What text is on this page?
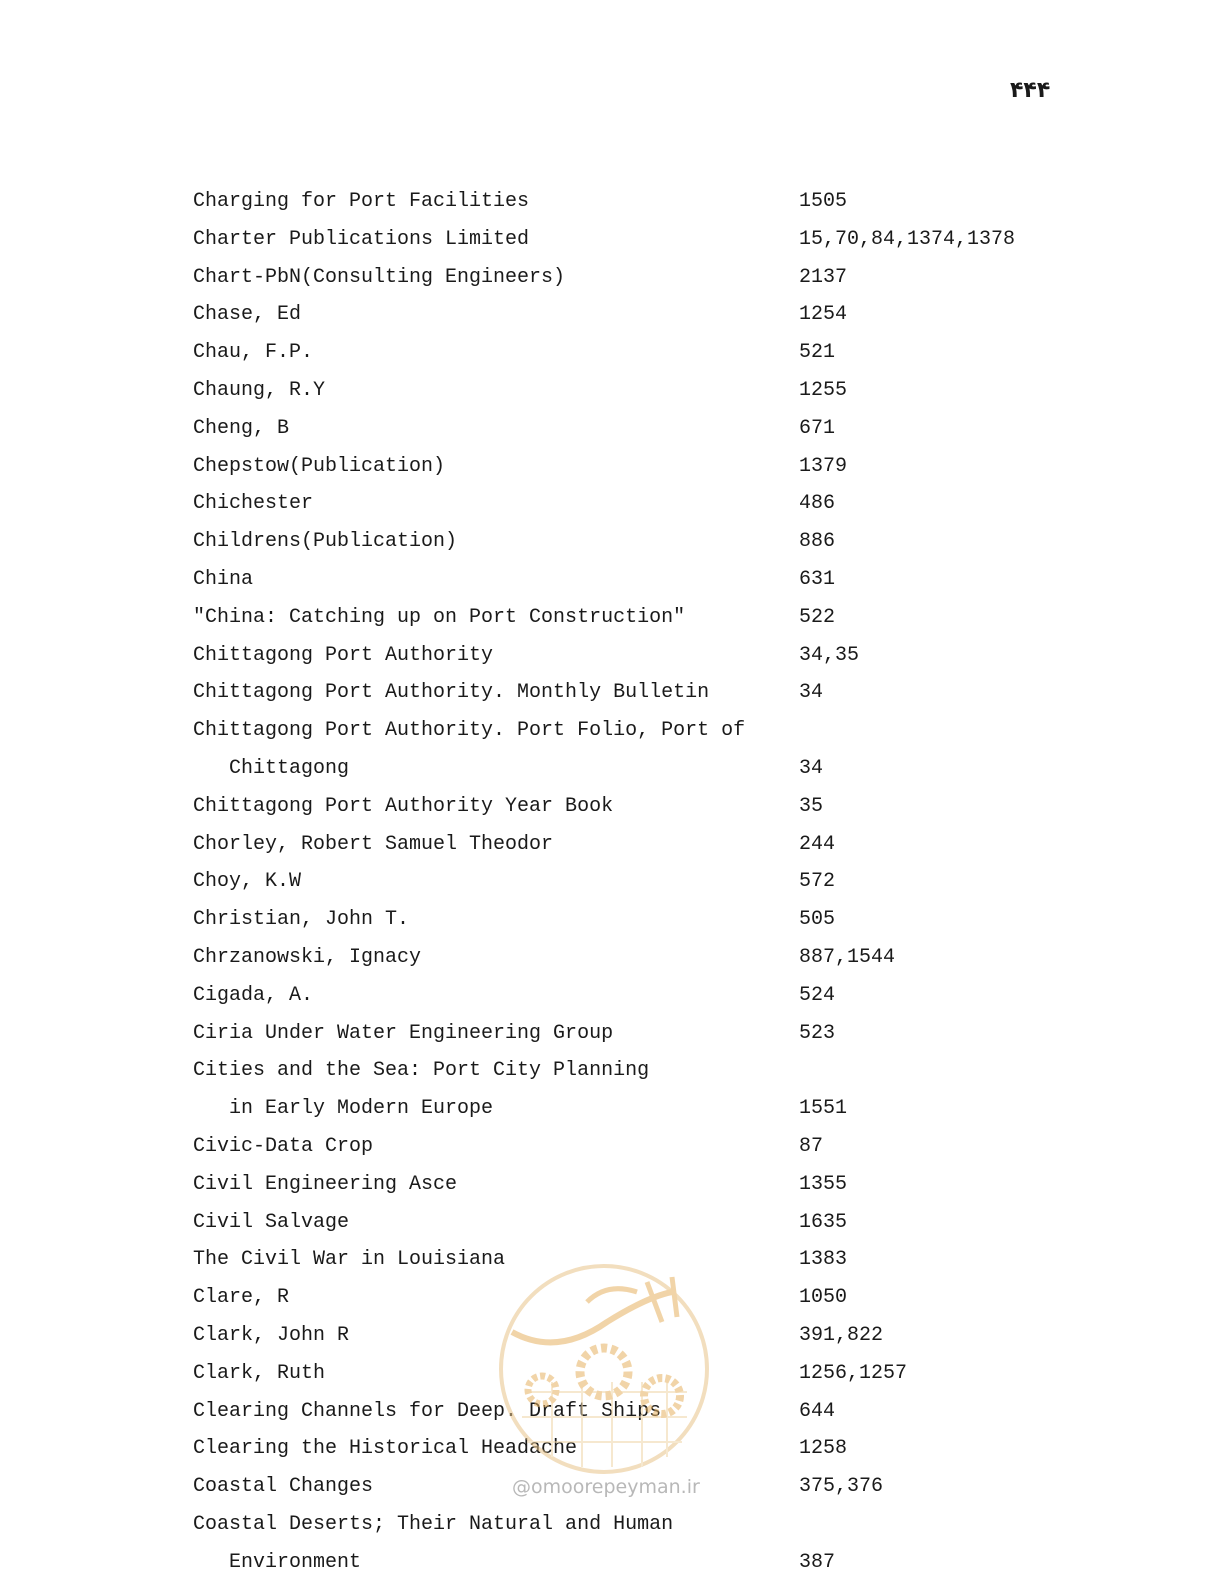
۴۴۴
Charging for Port Facilities	1505
Charter Publications Limited	15,70,84,1374,1378
Chart-PbN(Consulting Engineers)	2137
Chase, Ed	1254
Chau, F.P.	521
Chaung, R.Y	1255
Cheng, B	671
Chepstow(Publication)	1379
Chichester	486
Childrens(Publication)	886
China	631
"China: Catching up on Port Construction"	522
Chittagong Port Authority	34,35
Chittagong Port Authority. Monthly Bulletin	34
Chittagong Port Authority. Port Folio, Port of
Chittagong	34
Chittagong Port Authority Year Book	35
Chorley, Robert Samuel Theodor	244
Choy, K.W	572
Christian, John T.	505
Chrzanowski, Ignacy	887,1544
Cigada, A.	524
Ciria Under Water Engineering Group	523
Cities and the Sea: Port City Planning
in Early Modern Europe	1551
Civic-Data Crop	87
Civil Engineering Asce	1355
Civil Salvage	1635
The Civil War in Louisiana	1383
Clare, R	1050
Clark, John R	391,822
Clark, Ruth	1256,1257
Clearing Channels for Deep. Draft Ships	644
Clearing the Historical Headache	1258
Coastal Changes	375,376
Coastal Deserts; Their Natural and Human
Environment	387
@omoorepeyman.ir
